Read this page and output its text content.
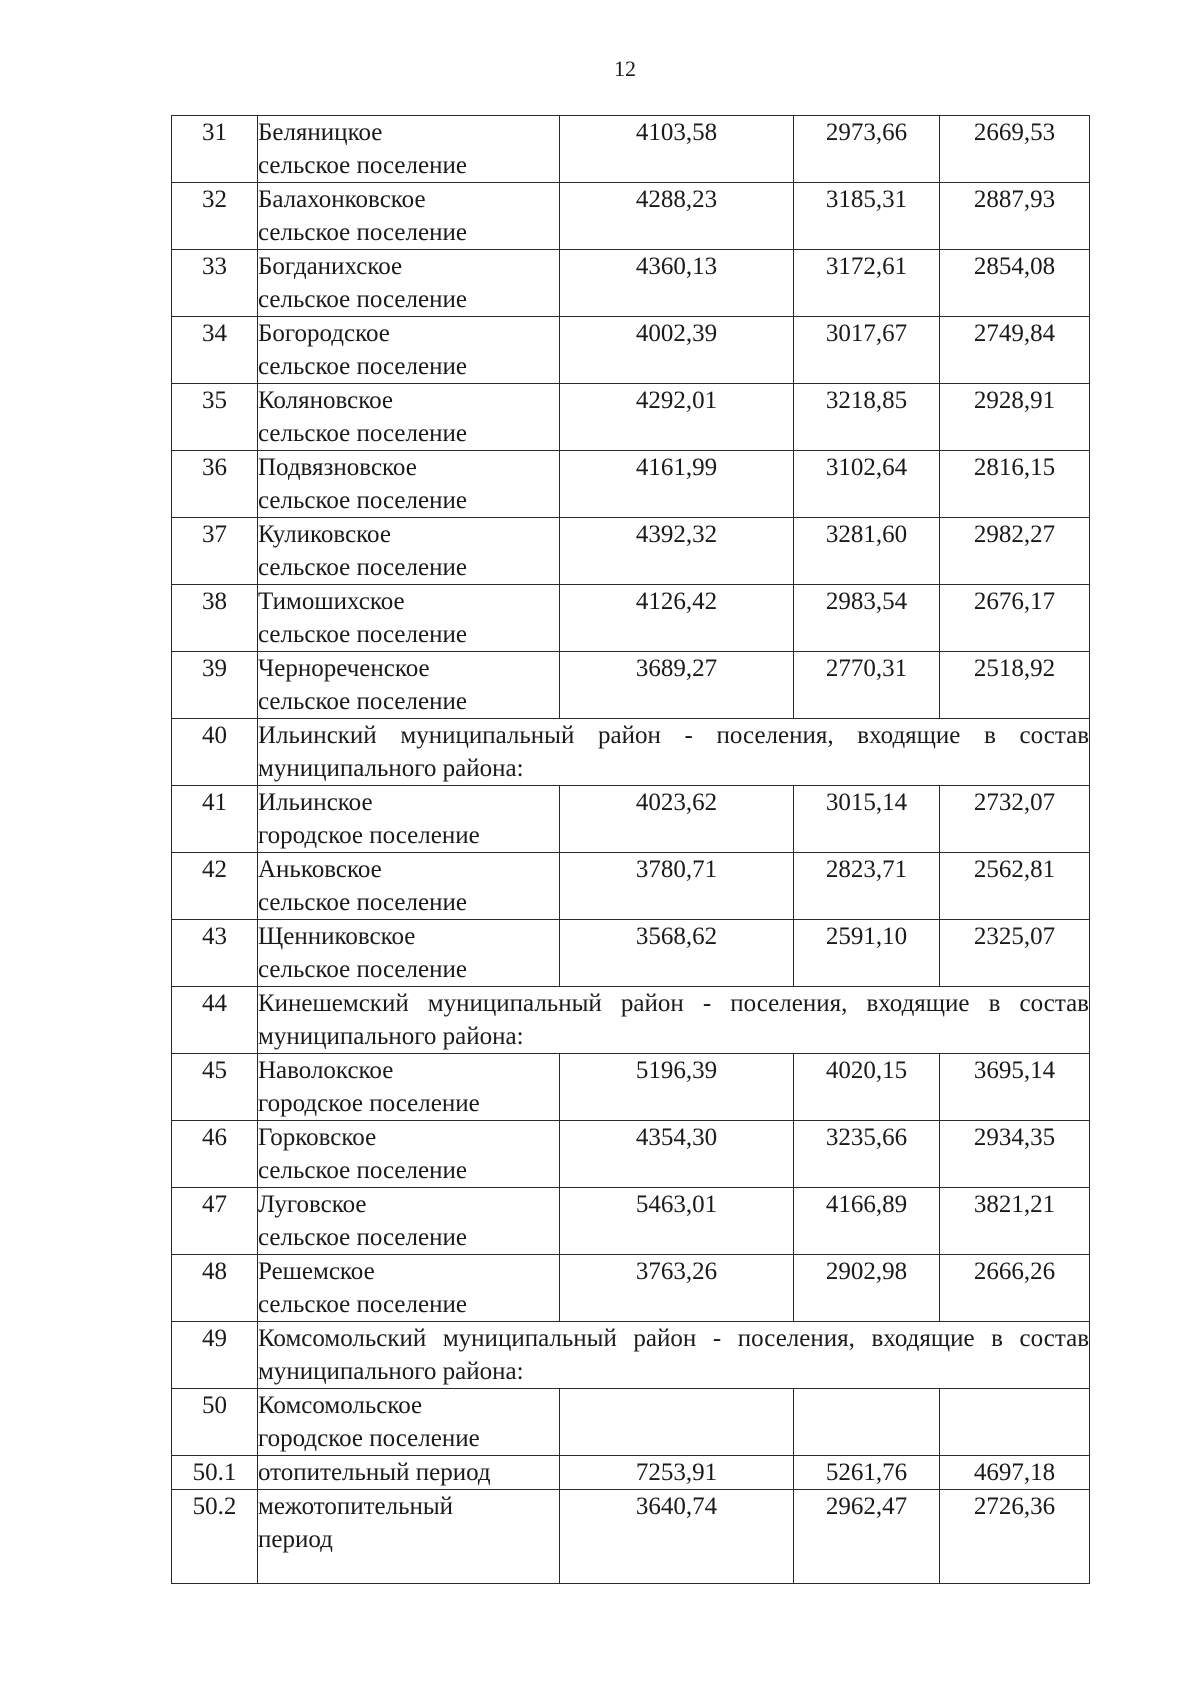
12
31	Беляницкое
сельское поселение	4103,58	2973,66	2669,53

32	Балахонковское
сельское поселение	4288,23	3185,31	2887,93

33	Богданихское
сельское поселение	4360,13	3172,61	2854,08

34	Богородское
сельское поселение	4002,39	3017,67	2749,84

35	Коляновское
сельское поселение	4292,01	3218,85	2928,91

36	Подвязновское
сельское поселение	4161,99	3102,64	2816,15

37	Куликовское
сельское поселение	4392,32	3281,60	2982,27

38	Тимошихское
сельское поселение	4126,42	2983,54	2676,17

39	Чернореченское
сельское поселение	3689,27	2770,31	2518,92

40	Ильинский муниципальный район - поселения, входящие в состав муниципального района:			
41	Ильинское
городское поселение	4023,62	3015,14	2732,07

42	Аньковское
сельское поселение	3780,71	2823,71	2562,81

43	Щенниковское
сельское поселение	3568,62	2591,10	2325,07

44	Кинешемский муниципальный район - поселения, входящие в состав муниципального района:			
45	Наволокское
городское поселение	5196,39	4020,15	3695,14

46	Горковское
сельское поселение	4354,30	3235,66	2934,35

47	Луговское
сельское поселение	5463,01	4166,89	3821,21

48	Решемское
сельское поселение	3763,26	2902,98	2666,26

49	Комсомольский муниципальный район - поселения, входящие в состав муниципального района:			
50	Комсомольское
городское поселение			

50.1	отопительный период	7253,91	5261,76	4697,18

50.2	межотопительный
период	3640,74	2962,47	2726,36
